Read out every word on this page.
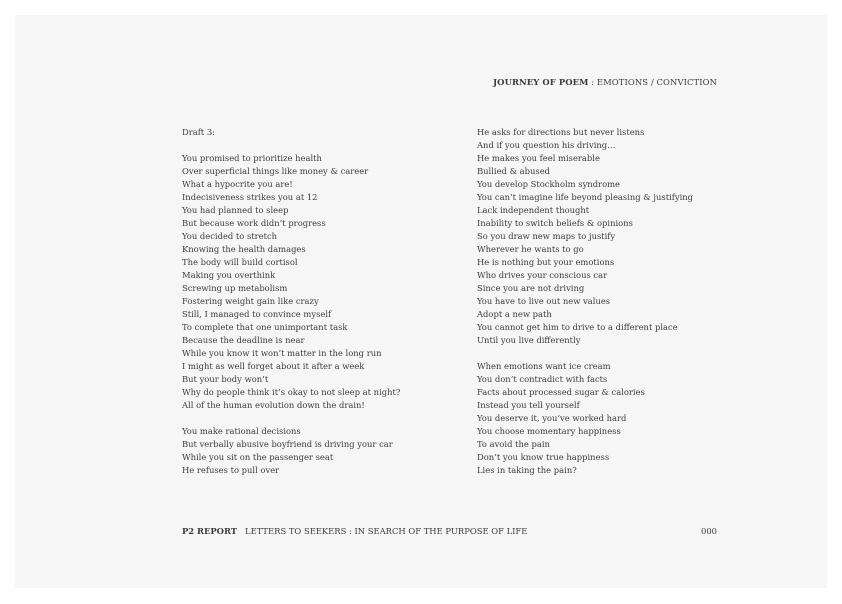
JOURNEY OF POEM : EMOTIONS / CONVICTION
Draft 3:
You promised to prioritize health
Over superficial things like money & career
What a hypocrite you are!
Indecisiveness strikes you at 12
You had planned to sleep
But because work didn’t progress
You decided to stretch
Knowing the health damages
The body will build cortisol
Making you overthink
Screwing up metabolism
Fostering weight gain like crazy
Still, I managed to convince myself
To complete that one unimportant task
Because the deadline is near
While you know it won’t matter in the long run
I might as well forget about it after a week
But your body won’t
Why do people think it’s okay to not sleep at night?
All of the human evolution down the drain!
You make rational decisions
But verbally abusive boyfriend is driving your car
While you sit on the passenger seat
He refuses to pull over
He asks for directions but never listens
And if you question his driving…
He makes you feel miserable
Bullied & abused
You develop Stockholm syndrome
You can’t imagine life beyond pleasing & justifying
Lack independent thought
Inability to switch beliefs & opinions
So you draw new maps to justify
Wherever he wants to go
He is nothing but your emotions
Who drives your conscious car
Since you are not driving
You have to live out new values
Adopt a new path
You cannot get him to drive to a different place
Until you live differently
When emotions want ice cream
You don’t contradict with facts
Facts about processed sugar & calories
Instead you tell yourself
You deserve it, you’ve worked hard
You choose momentary happiness
To avoid the pain
Don’t you know true happiness
Lies in taking the pain?
P2 REPORT   LETTERS TO SEEKERS : IN SEARCH OF THE PURPOSE OF LIFE	000
